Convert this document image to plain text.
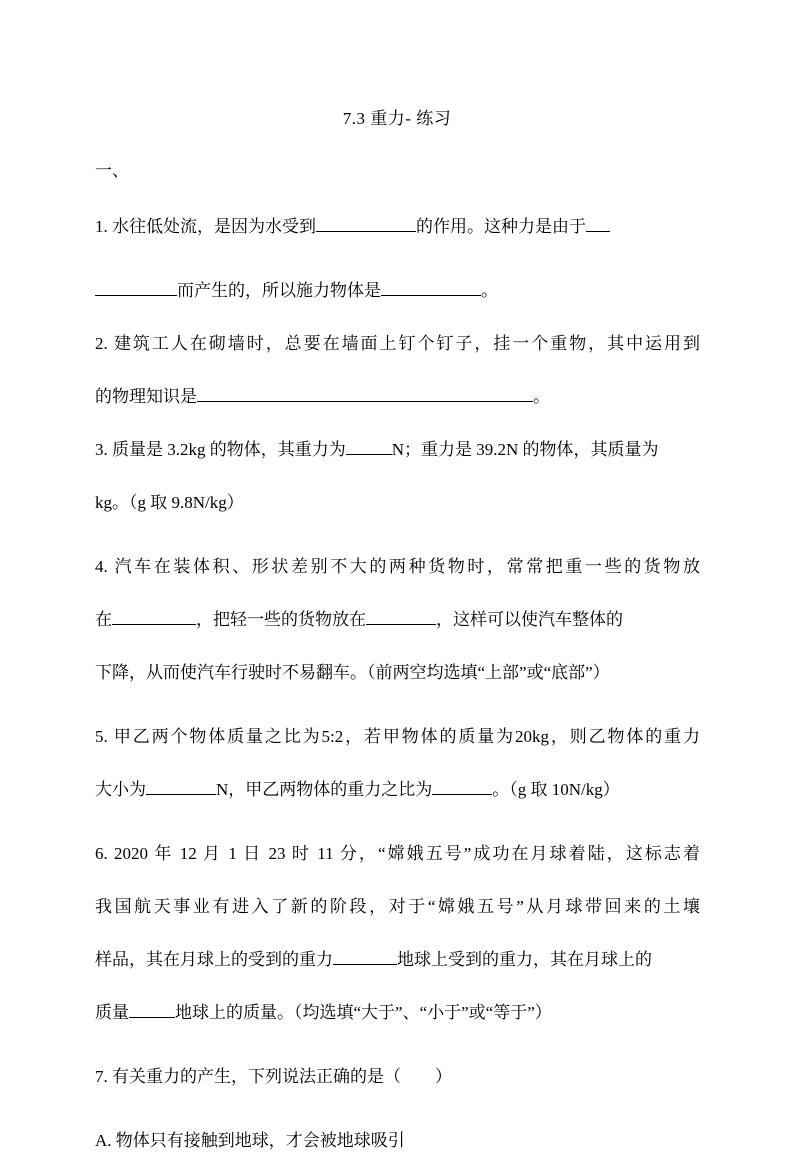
7.3 重力- 练习
一、
1. 水往低处流，是因为水受到	的作用。这种力是由于
而产生的，所以施力物体是	。
2. 建筑工人在砌墙时，总要在墙面上钉个钉子，挂一个重物，其中运用到
的物理知识是	。
3. 质量是 3.2kg 的物体，其重力为	N；重力是 39.2N 的物体，其质量为
kg。（g 取 9.8N/kg）
4. 汽车在装体积、形状差别不大的两种货物时，常常把重一些的货物放
在	，把轻一些的货物放在	，这样可以使汽车整体的
下降，从而使汽车行驶时不易翻车。（前两空均选填“上部”或“底部”）
5. 甲乙两个物体质量之比为5:2，若甲物体的质量为20kg，则乙物体的重力
大小为	N，甲乙两物体的重力之比为	。（g 取 10N/kg）
6. 2020 年 12 月 1 日 23 时 11 分，“嫦娥五号”成功在月球着陆，这标志着
我国航天事业有进入了新的阶段，对于“嫦娥五号”从月球带回来的土壤
样品，其在月球上的受到的重力	地球上受到的重力，其在月球上的
质量	地球上的质量。（均选填“大于”、“小于”或“等于”）
7. 有关重力的产生，下列说法正确的是（　　）
A. 物体只有接触到地球，才会被地球吸引
